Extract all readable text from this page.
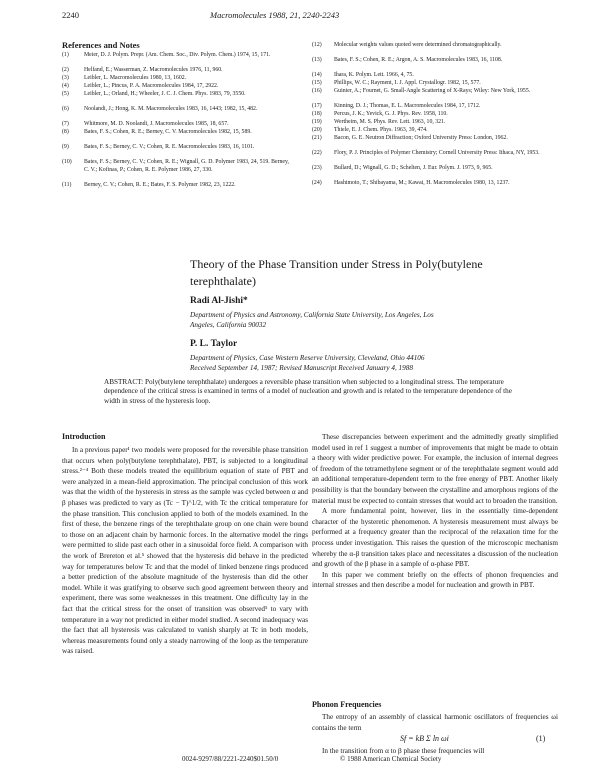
2240	Macromolecules 1988, 21, 2240-2243
References and Notes
(1)	Meier, D. J. Polym. Prepr. (Am. Chem. Soc., Div. Polym. Chem.) 1974, 15, 171.
(2)	Helfand, E.; Wasserman, Z. Macromolecules 1976, 11, 960.
(3)	Leibler, L. Macromolecules 1980, 13, 1602.
(4)	Leibler, L.; Pincus, P. A. Macromolecules 1984, 17, 2922.
(5)	Leibler, L.; Orland, H.; Wheeler, J. C. J. Chem. Phys. 1983, 79, 3550.
(6)	Noolandi, J.; Hong, K. M. Macromolecules 1983, 16, 1443; 1982, 15, 482.
(7)	Whitmore, M. D. Noolandi, J. Macromolecules 1985, 18, 657.
(8)	Bates, F. S.; Cohen, R. E.; Berney, C. V. Macromolecules 1982, 15, 589.
(9)	Bates, F. S.; Berney, C. V.; Cohen, R. E. Macromolecules 1983, 16, 1101.
(10)	Bates, F. S.; Berney, C. V.; Cohen, R. E.; Wignall, G. D. Polymer 1983, 24, 519. Berney, C. V.; Kofinas, P.; Cohen, R. E. Polymer 1986, 27, 330.
(11)	Berney, C. V.; Cohen, R. E.; Bates, F. S. Polymer 1982, 23, 1222.
(12)	Molecular weights values quoted were determined chromatographically.
(13)	Bates, F. S.; Cohen, R. E.; Argon, A. S. Macromolecules 1983, 16, 1108.
(14)	Ihara, K. Polym. Lett. 1966, 4, 75.
(15)	Phillips, W. C.; Rayment, I. J. Appl. Crystallogr. 1982, 15, 577.
(16)	Guinier, A.; Fournet, G. Small-Angle Scattering of X-Rays; Wiley: New York, 1955.
(17)	Kinning, D. J.; Thomas, E. L. Macromolecules 1984, 17, 1712.
(18)	Percus, J. K.; Yevick, G. J. Phys. Rev. 1958, 110.
(19)	Wertheim, M. S. Phys. Rev. Lett. 1963, 10, 321.
(20)	Thiele, E. J. Chem. Phys. 1963, 39, 474.
(21)	Bacon, G. E. Neutron Diffraction; Oxford University Press: London, 1962.
(22)	Flory, P. J. Principles of Polymer Chemistry; Cornell University Press: Ithaca, NY, 1953.
(23)	Bullard, D.; Wignall, G. D.; Schelten, J. Eur. Polym. J. 1973, 9, 965.
(24)	Hashimoto, T.; Shibayama, M.; Kawai, H. Macromolecules 1980, 13, 1237.
Theory of the Phase Transition under Stress in Poly(butylene terephthalate)
Radi Al-Jishi*
Department of Physics and Astronomy, California State University, Los Angeles, Los Angeles, California 90032
P. L. Taylor
Department of Physics, Case Western Reserve University, Cleveland, Ohio 44106
Received September 14, 1987; Revised Manuscript Received January 4, 1988
ABSTRACT: Poly(butylene terephthalate) undergoes a reversible phase transition when subjected to a longitudinal stress. The temperature dependence of the critical stress is examined in terms of a model of nucleation and growth and is related to the temperature dependence of the width in stress of the hysteresis loop.
Introduction

In a previous paper¹ two models were proposed for the reversible phase transition that occurs when poly(butylene terephthalate), PBT, is subjected to a longitudinal stress.²⁻⁴ Both these models treated the equilibrium equation of state of PBT and were analyzed in a mean-field approximation. The principal conclusion of this work was that the width of the hysteresis in stress as the sample was cycled between α and β phases was predicted to vary as (Tc − T)^1/2, with Tc the critical temperature for the phase transition. This conclusion applied to both of the models examined. In the first of these, the benzene rings of the terephthalate group on one chain were bound to those on an adjacent chain by harmonic forces. In the alternative model the rings were permitted to slide past each other in a sinusoidal force field. A comparison with the work of Brereton et al.⁵ showed that the hysteresis did behave in the predicted way for temperatures below Tc and that the model of linked benzene rings produced a better prediction of the absolute magnitude of the hysteresis than did the other model. While it was gratifying to observe such good agreement between theory and experiment, there was some weaknesses in this treatment. One difficulty lay in the fact that the critical stress for the onset of transition was observed⁵ to vary with temperature in a way not predicted in either model studied. A second inadequacy was the fact that all hysteresis was calculated to vanish sharply at Tc in both models, whereas measurements found only a steady narrowing of the loop as the temperature was raised.

These discrepancies between experiment and the admittedly greatly simplified model used in ref 1 suggest a number of improvements that might be made to obtain a theory with wider predictive power. For example, the inclusion of internal degrees of freedom of the tetramethylene segment or of the terephthalate segment would add an additional temperature-dependent term to the free energy of PBT. Another likely possibility is that the boundary between the crystalline and amorphous regions of the material must be expected to contain stresses that would act to broaden the transition.

A more fundamental point, however, lies in the essentially time-dependent character of the hysteretic phenomenon. A hysteresis measurement must always be performed at a frequency greater than the reciprocal of the relaxation time for the process under investigation. This raises the question of the microscopic mechanism whereby the α-β transition takes place and necessitates a discussion of the nucleation and growth of the β phase in a sample of α-phase PBT.

In this paper we comment briefly on the effects of phonon frequencies and internal stresses and then describe a model for nucleation and growth in PBT.

Phonon Frequencies

The entropy of an assembly of classical harmonic oscillators of frequencies ωi contains the term

Sf = kB Σ ln ωi	(1)

In the transition from α to β phase these frequencies will

0024-9297/88/2221-2240$01.50/0	© 1988 American Chemical Society
